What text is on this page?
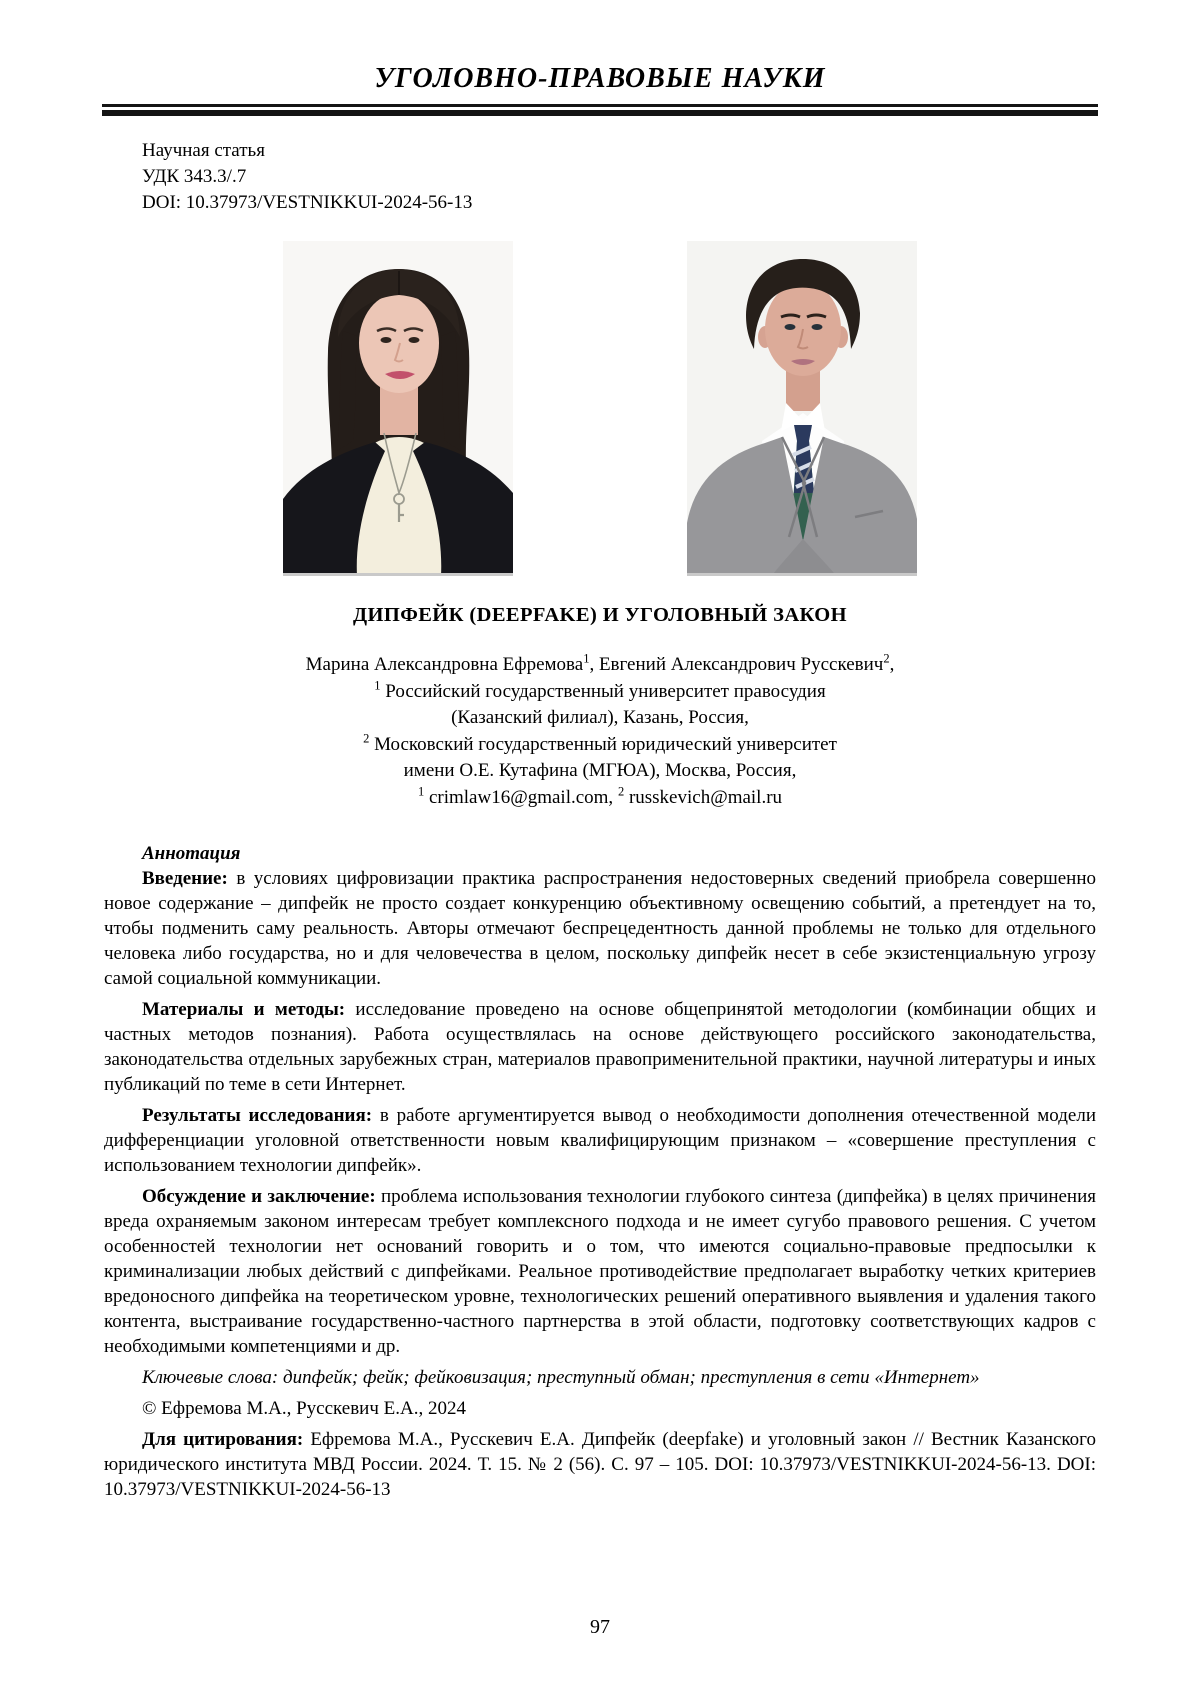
УГОЛОВНО-ПРАВОВЫЕ НАУКИ
Научная статья
УДК 343.3/.7
DOI: 10.37973/VESTNIKKUI-2024-56-13
ДИПФЕЙК (DEEPFAKE) И УГОЛОВНЫЙ ЗАКОН
Марина Александровна Ефремова$^1$, Евгений Александрович Русскевич$^2$,
$^1$ Российский государственный университет правосудия
(Казанский филиал), Казань, Россия,
$^2$ Московский государственный юридический университет
имени О.Е. Кутафина (МГЮА), Москва, Россия,
$^1$ crimlaw16@gmail.com, $^2$ russkevich@mail.ru

Аннотация

Введение: в условиях цифровизации практика распространения недостоверных сведений приобрела совершенно новое содержание – дипфейк не просто создает конкуренцию объективному освещению событий, а претендует на то, чтобы подменить саму реальность. Авторы отмечают беспрецедентность данной проблемы не только для отдельного человека либо государства, но и для человечества в целом, поскольку дипфейк несет в себе экзистенциальную угрозу самой социальной коммуникации.

Материалы и методы: исследование проведено на основе общепринятой методологии (комбинации общих и частных методов познания). Работа осуществлялась на основе действующего российского законодательства, законодательства отдельных зарубежных стран, материалов правоприменительной практики, научной литературы и иных публикаций по теме в сети Интернет.

Результаты исследования: в работе аргументируется вывод о необходимости дополнения отечественной модели дифференциации уголовной ответственности новым квалифицирующим признаком – «совершение преступления с использованием технологии дипфейк».

Обсуждение и заключение: проблема использования технологии глубокого синтеза (дипфейка) в целях причинения вреда охраняемым законом интересам требует комплексного подхода и не имеет сугубо правового решения. С учетом особенностей технологии нет оснований говорить и о том, что имеются социально-правовые предпосылки к криминализации любых действий с дипфейками. Реальное противодействие предполагает выработку четких критериев вредоносного дипфейка на теоретическом уровне, технологических решений оперативного выявления и удаления такого контента, выстраивание государственно-частного партнерства в этой области, подготовку соответствующих кадров с необходимыми компетенциями и др.

Ключевые слова: дипфейк; фейк; фейковизация; преступный обман; преступления в сети «Интернет»

© Ефремова М.А., Русскевич Е.А., 2024

Для цитирования: Ефремова М.А., Русскевич Е.А. Дипфейк (deepfake) и уголовный закон // Вестник Казанского юридического института МВД России. 2024. Т. 15. № 2 (56). С. 97 – 105. DOI: 10.37973/VESTNIKKUI-2024-56-13. DOI: 10.37973/VESTNIKKUI-2024-56-13

97
